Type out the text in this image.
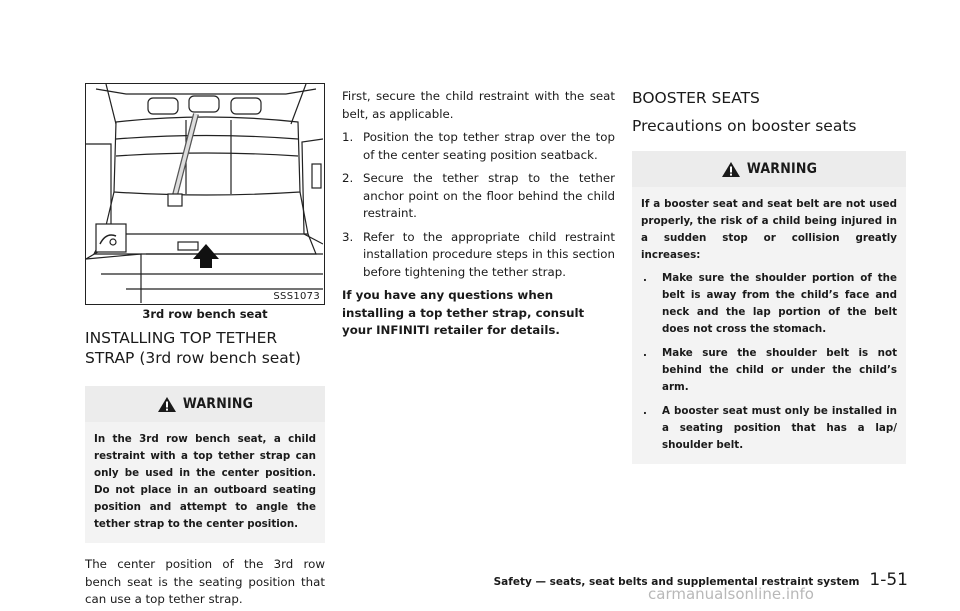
SSS1073
3rd row bench seat
INSTALLING TOP TETHER STRAP (3rd row bench seat)
WARNING

In the 3rd row bench seat, a child restraint with a top tether strap can only be used in the center position. Do not place in an outboard seating position and attempt to angle the tether strap to the center position.

The center position of the 3rd row bench seat is the seating position that can use a top tether strap.

First, secure the child restraint with the seat belt, as applicable.

1. Position the top tether strap over the top of the center seating position seatback.
2. Secure the tether strap to the tether anchor point on the floor behind the child restraint.
3. Refer to the appropriate child restraint installation procedure steps in this section before tightening the tether strap.

If you have any questions when installing a top tether strap, consult your INFINITI retailer for details.

BOOSTER SEATS
Precautions on booster seats
WARNING

If a booster seat and seat belt are not used properly, the risk of a child being injured in a sudden stop or collision greatly increases:

. Make sure the shoulder portion of the belt is away from the child’s face and neck and the lap portion of the belt does not cross the stomach.
. Make sure the shoulder belt is not behind the child or under the child’s arm.
. A booster seat must only be installed in a seating position that has a lap/ shoulder belt.
Safety — seats, seat belts and supplemental restraint system 1-51
carmanualsonline.info
